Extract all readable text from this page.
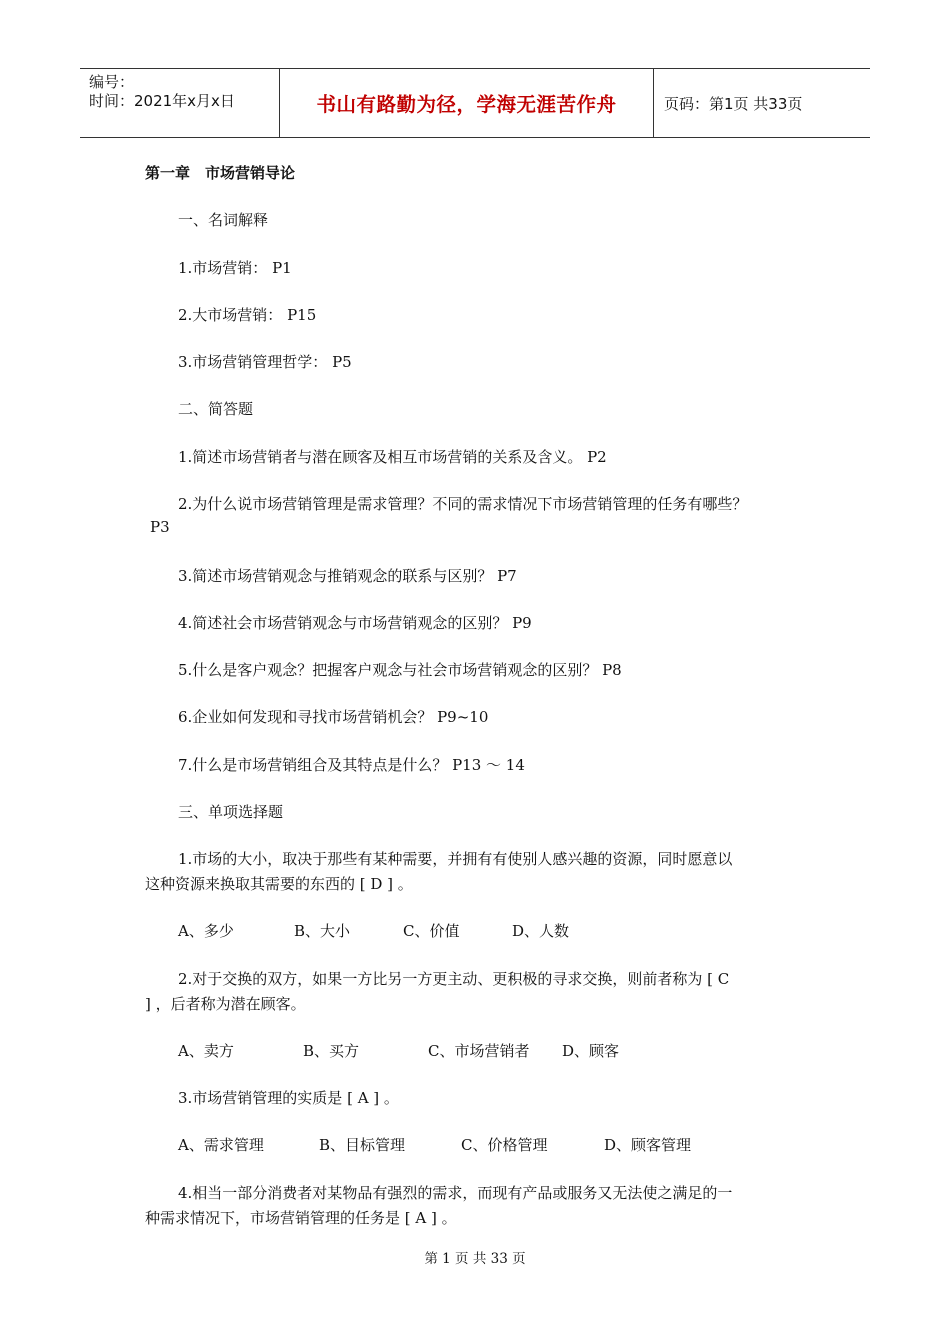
编号：
时间：2021年x月x日	书山有路勤为径，学海无涯苦作舟	页码：第1页 共33页
第一章　市场营销导论
一、名词解释
1.市场营销： P1
2.大市场营销： P15
3.市场营销管理哲学： P5
二、简答题
1.简述市场营销者与潜在顾客及相互市场营销的关系及含义。 P2
2.为什么说市场营销管理是需求管理？不同的需求情况下市场营销管理的任务有哪些？
P3
3.简述市场营销观念与推销观念的联系与区别？ P7
4.简述社会市场营销观念与市场营销观念的区别？ P9
5.什么是客户观念？把握客户观念与社会市场营销观念的区别？ P8
6.企业如何发现和寻找市场营销机会？ P9~10
7.什么是市场营销组合及其特点是什么？ P13 ～ 14
三、单项选择题
1.市场的大小，取决于那些有某种需要，并拥有有使别人感兴趣的资源，同时愿意以
这种资源来换取其需要的东西的 [ D ] 。
A、多少	B、大小	C、价值	D、人数
2.对于交换的双方，如果一方比另一方更主动、更积极的寻求交换，则前者称为 [ C
] ，后者称为潜在顾客。
A、卖方	B、买方	C、市场营销者 D、顾客
3.市场营销管理的实质是 [ A ] 。
A、需求管理	B、目标管理	C、价格管理	D、顾客管理
4.相当一部分消费者对某物品有强烈的需求，而现有产品或服务又无法使之满足的一
种需求情况下，市场营销管理的任务是 [ A ] 。
第 1 页 共 33 页
